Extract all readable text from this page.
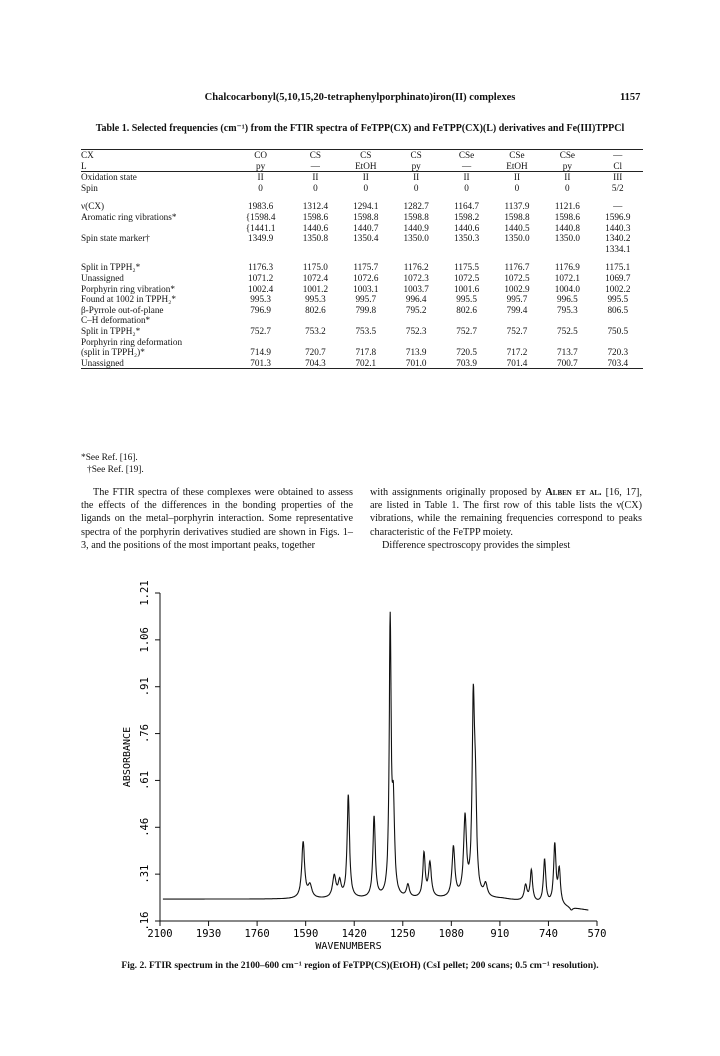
Chalcocarbonyl(5,10,15,20-tetraphenylporphinato)iron(II) complexes	1157
Table 1. Selected frequencies (cm⁻¹) from the FTIR spectra of FeTPP(CX) and FeTPP(CX)(L) derivatives and Fe(III)TPPCl
CX	CO	CS	CS	CS	CSe	CSe	CSe	—
L	py	—	EtOH	py	—	EtOH	py	Cl
Oxidation state	II	II	II	II	II	II	II	III
Spin	0	0	0	0	0	0	0	5/2

ν(CX)	1983.6	1312.4	1294.1	1282.7	1164.7	1137.9	1121.6	—
Aromatic ring vibrations*	{1598.4	1598.6	1598.8	1598.8	1598.2	1598.8	1598.6	1596.9
	{1441.1	1440.6	1440.7	1440.9	1440.6	1440.5	1440.8	1440.3
Spin state marker†	1349.9	1350.8	1350.4	1350.0	1350.3	1350.0	1350.0	1340.2
								1334.1

Split in TPPH₂*	1176.3	1175.0	1175.7	1176.2	1175.5	1176.7	1176.9	1175.1
Unassigned	1071.2	1072.4	1072.6	1072.3	1072.5	1072.5	1072.1	1069.7
Porphyrin ring vibration*	1002.4	1001.2	1003.1	1003.7	1001.6	1002.9	1004.0	1002.2
Found at 1002 in TPPH₂*	995.3	995.3	995.7	996.4	995.5	995.7	996.5	995.5
β-Pyrrole out-of-plane	796.9	802.6	799.8	795.2	802.6	799.4	795.3	806.5
C–H deformation*								
Split in TPPH₂*	752.7	753.2	753.5	752.3	752.7	752.7	752.5	750.5
Porphyrin ring deformation								
(split in TPPH₂)*	714.9	720.7	717.8	713.9	720.5	717.2	713.7	720.3
Unassigned	701.3	704.3	702.1	701.0	703.9	701.4	700.7	703.4
*See Ref. [16].
†See Ref. [19].
The FTIR spectra of these complexes were obtained to assess the effects of the differences in the bonding properties of the ligands on the metal–porphyrin interaction. Some representative spectra of the porphyrin derivatives studied are shown in Figs. 1–3, and the positions of the most important peaks, together
with assignments originally proposed by Alben et al. [16, 17], are listed in Table 1. The first row of this table lists the ν(CX) vibrations, while the remaining frequencies correspond to peaks characteristic of the FeTPP moiety.
Difference spectroscopy provides the simplest
2100 1930 1760 1590 1420 1250 1080	910	740	570
.16
.31
.46
.61
.76
.91
1.06
1.21
WAVENUMBERS
ABSORBANCE
Fig. 2. FTIR spectrum in the 2100–600 cm⁻¹ region of FeTPP(CS)(EtOH) (CsI pellet; 200 scans; 0.5 cm⁻¹ resolution).
